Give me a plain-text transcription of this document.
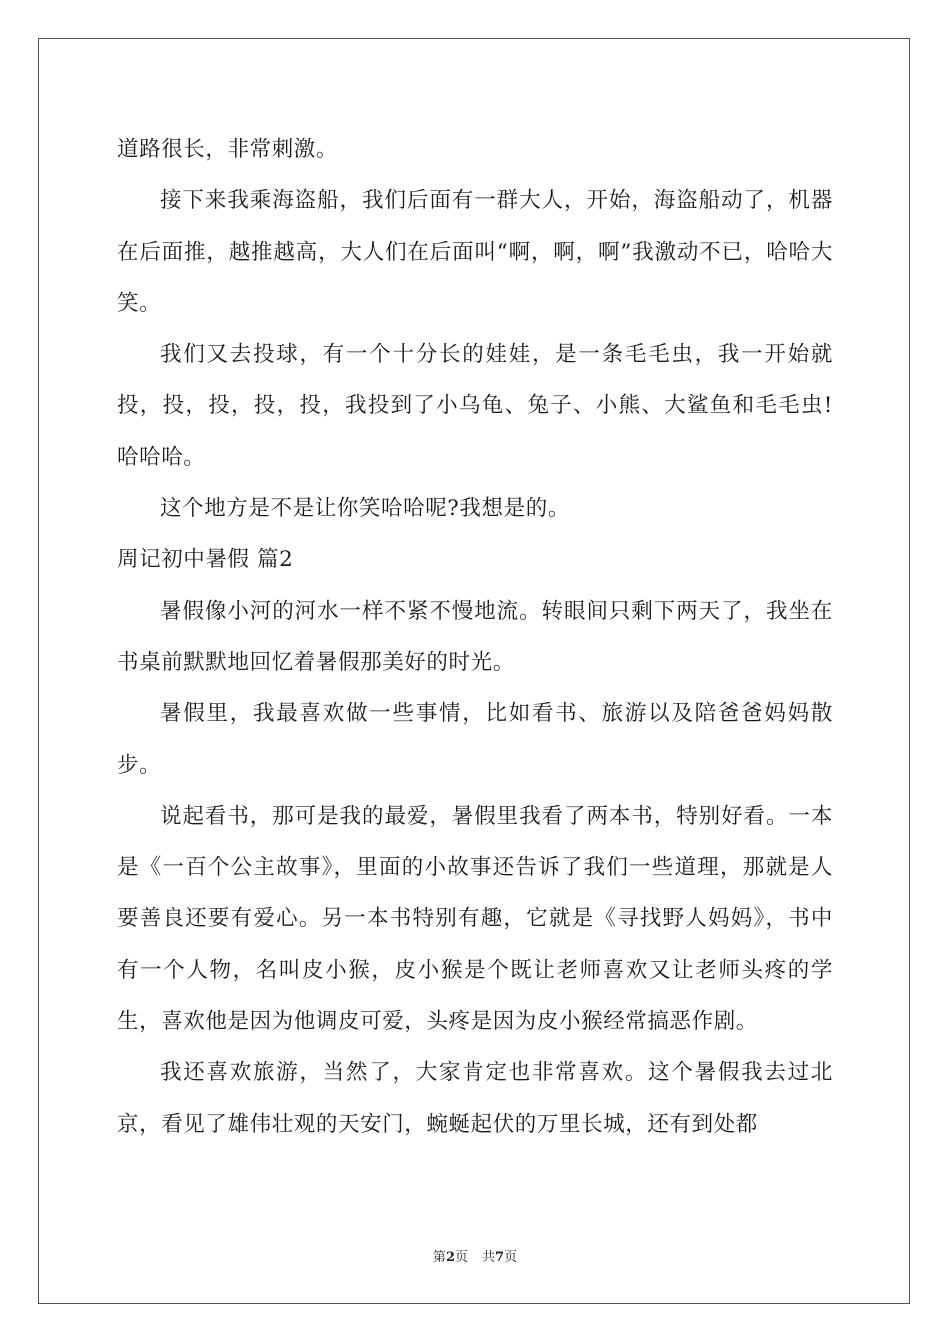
道路很长，非常刺激。

接下来我乘海盗船，我们后面有一群大人，开始，海盗船动了，机器在后面推，越推越高，大人们在后面叫“啊，啊，啊”我激动不已，哈哈大笑。

我们又去投球，有一个十分长的娃娃，是一条毛毛虫，我一开始就投，投，投，投，投，我投到了小乌龟、兔子、小熊、大鲨鱼和毛毛虫!哈哈哈。

这个地方是不是让你笑哈哈呢?我想是的。

周记初中暑假 篇2

暑假像小河的河水一样不紧不慢地流。转眼间只剩下两天了，我坐在书桌前默默地回忆着暑假那美好的时光。

暑假里，我最喜欢做一些事情，比如看书、旅游以及陪爸爸妈妈散步。

说起看书，那可是我的最爱，暑假里我看了两本书，特别好看。一本是《一百个公主故事》，里面的小故事还告诉了我们一些道理，那就是人要善良还要有爱心。另一本书特别有趣，它就是《寻找野人妈妈》，书中有一个人物，名叫皮小猴，皮小猴是个既让老师喜欢又让老师头疼的学生，喜欢他是因为他调皮可爱，头疼是因为皮小猴经常搞恶作剧。

我还喜欢旅游，当然了，大家肯定也非常喜欢。这个暑假我去过北京，看见了雄伟壮观的天安门，蜿蜒起伏的万里长城，还有到处都

第2页 共7页
